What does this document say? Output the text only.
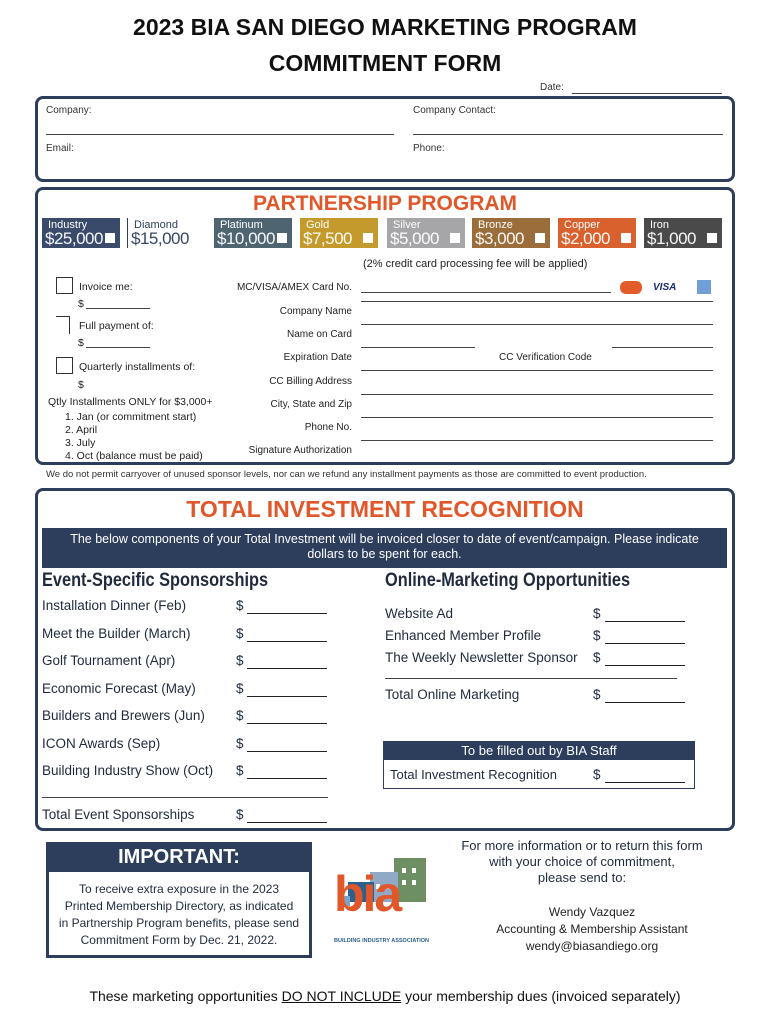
2023 BIA SAN DIEGO MARKETING PROGRAM
COMMITMENT FORM
Date:
Company:	Company Contact:
Email:	Phone:
PARTNERSHIP PROGRAM
Industry
$25,000
Diamond
$15,000
Platinum
$10,000
Gold
$7,500
Silver
$5,000
Bronze
$3,000
Copper
$2,000
Iron
$1,000
(2% credit card processing fee will be applied)
Invoice me:
$
Full payment of:
$
Quarterly installments of:
$
Qtly Installments ONLY for $3,000+
1. Jan (or commitment start)
2. April
3. July
4. Oct (balance must be paid)
MC/VISA/AMEX Card No.	VISA
Company Name
Name on Card
Expiration Date	CC Verification Code
CC Billing Address
City, State and Zip
Phone No.
Signature Authorization
We do not permit carryover of unused sponsor levels, nor can we refund any installment payments as those are committed to event production.
TOTAL INVESTMENT RECOGNITION
The below components of your Total Investment will be invoiced closer to date of event/campaign. Please indicate dollars to be spent for each.
Event-Specific Sponsorships	Online-Marketing Opportunities
Installation Dinner (Feb)	$
Meet the Builder (March)	$
Golf Tournament (Apr)	$
Economic Forecast (May)	$
Builders and Brewers (Jun) $
ICON Awards (Sep)	$
Building Industry Show (Oct) $
Website Ad	$
Enhanced Member Profile	$
The Weekly Newsletter Sponsor $
Total Event Sponsorships	$
Total Online Marketing	$
To be filled out by BIA Staff
Total Investment Recognition	$
IMPORTANT:
To receive extra exposure in the 2023
Printed Membership Directory, as indicated
in Partnership Program benefits, please send
Commitment Form by Dec. 21, 2022.
bia
BUILDING INDUSTRY ASSOCIATION
For more information or to return this form
with your choice of commitment,
please send to:
Wendy Vazquez
Accounting & Membership Assistant
wendy@biasandiego.org
These marketing opportunities DO NOT INCLUDE your membership dues (invoiced separately)
